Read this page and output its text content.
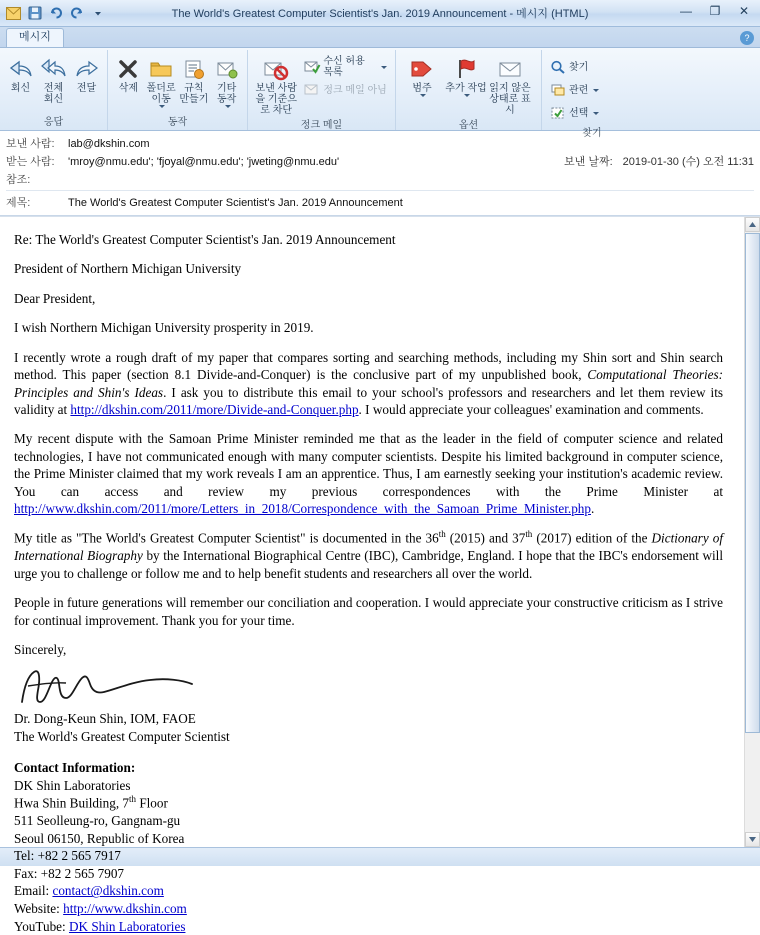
The World's Greatest Computer Scientist's Jan. 2019 Announcement - 메시지 (HTML)	—	❐	✕
메시지	?
회신	전체 회신
전달
응답
삭제 폴더로 이동
규칙 만들기
기타 동작
동작
보낸 사람을 기준으로 차단
수신 허용 목록
정크 메일 아님
정크 메일
범주 추가 작업 읽지 않은 상태로 표시
옵션
찾기
관련
선택
찾기
보낸 사람:	lab@dkshin.com
받는 사람:	'mroy@nmu.edu'; 'fjoyal@nmu.edu'; 'jweting@nmu.edu'	보낸 날짜: 2019-01-30 (수) 오전 11:31
참조:
제목:	The World's Greatest Computer Scientist's Jan. 2019 Announcement

Re: The World's Greatest Computer Scientist's Jan. 2019 Announcement

President of Northern Michigan University

Dear President,

I wish Northern Michigan University prosperity in 2019.

I recently wrote a rough draft of my paper that compares sorting and searching methods, including my Shin sort and Shin search method. This paper (section 8.1 Divide-and-Conquer) is the conclusive part of my unpublished book, Computational Theories: Principles and Shin's Ideas. I ask you to distribute this email to your school's professors and researchers and let them review its validity at http://dkshin.com/2011/more/Divide-and-Conquer.php. I would appreciate your colleagues' examination and comments.

My recent dispute with the Samoan Prime Minister reminded me that as the leader in the field of computer science and related technologies, I have not communicated enough with many computer scientists. Despite his limited background in computer science, the Prime Minister claimed that my work reveals I am an apprentice. Thus, I am earnestly seeking your institution's academic review. You can access and review my previous correspondences with the Prime Minister at http://www.dkshin.com/2011/more/Letters_in_2018/Correspondence_with_the_Samoan_Prime_Minister.php.

My title as "The World's Greatest Computer Scientist" is documented in the 36th (2015) and 37th (2017) edition of the Dictionary of International Biography by the International Biographical Centre (IBC), Cambridge, England. I hope that the IBC's endorsement will urge you to challenge or follow me and to help benefit students and researchers all over the world.

People in future generations will remember our conciliation and cooperation. I would appreciate your constructive criticism as I strive for continual improvement. Thank you for your time.

Sincerely,

Dr. Dong-Keun Shin, IOM, FAOE

The World's Greatest Computer Scientist

Contact Information:
DK Shin Laboratories
Hwa Shin Building, 7th Floor
511 Seolleung-ro, Gangnam-gu
Seoul 06150, Republic of Korea
Tel: +82 2 565 7917
Fax: +82 2 565 7907
Email: contact@dkshin.com
Website: http://www.dkshin.com
YouTube: DK Shin Laboratories
